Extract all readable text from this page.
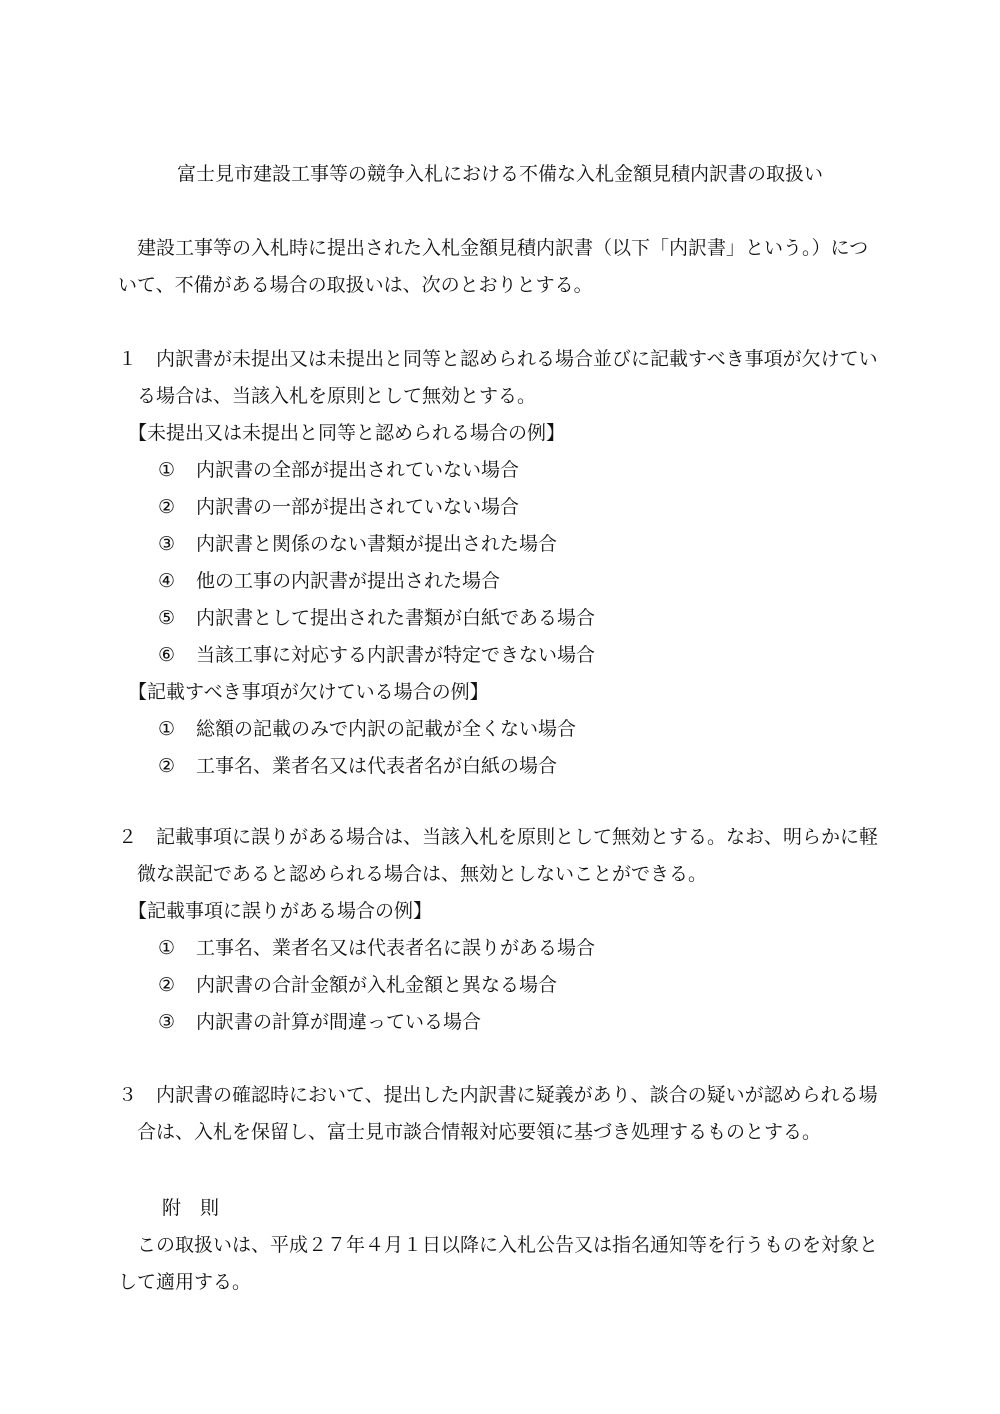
富士見市建設工事等の競争入札における不備な入札金額見積内訳書の取扱い
建設工事等の入札時に提出された入札金額見積内訳書（以下「内訳書」という。）について、不備がある場合の取扱いは、次のとおりとする。
１ 内訳書が未提出又は未提出と同等と認められる場合並びに記載すべき事項が欠けている場合は、当該入札を原則として無効とする。
【未提出又は未提出と同等と認められる場合の例】
① 内訳書の全部が提出されていない場合
② 内訳書の一部が提出されていない場合
③ 内訳書と関係のない書類が提出された場合
④ 他の工事の内訳書が提出された場合
⑤ 内訳書として提出された書類が白紙である場合
⑥ 当該工事に対応する内訳書が特定できない場合
【記載すべき事項が欠けている場合の例】
① 総額の記載のみで内訳の記載が全くない場合
② 工事名、業者名又は代表者名が白紙の場合
２ 記載事項に誤りがある場合は、当該入札を原則として無効とする。なお、明らかに軽微な誤記であると認められる場合は、無効としないことができる。
【記載事項に誤りがある場合の例】
① 工事名、業者名又は代表者名に誤りがある場合
② 内訳書の合計金額が入札金額と異なる場合
③ 内訳書の計算が間違っている場合
３ 内訳書の確認時において、提出した内訳書に疑義があり、談合の疑いが認められる場合は、入札を保留し、富士見市談合情報対応要領に基づき処理するものとする。
附　則
この取扱いは、平成２７年４月１日以降に入札公告又は指名通知等を行うものを対象として適用する。
